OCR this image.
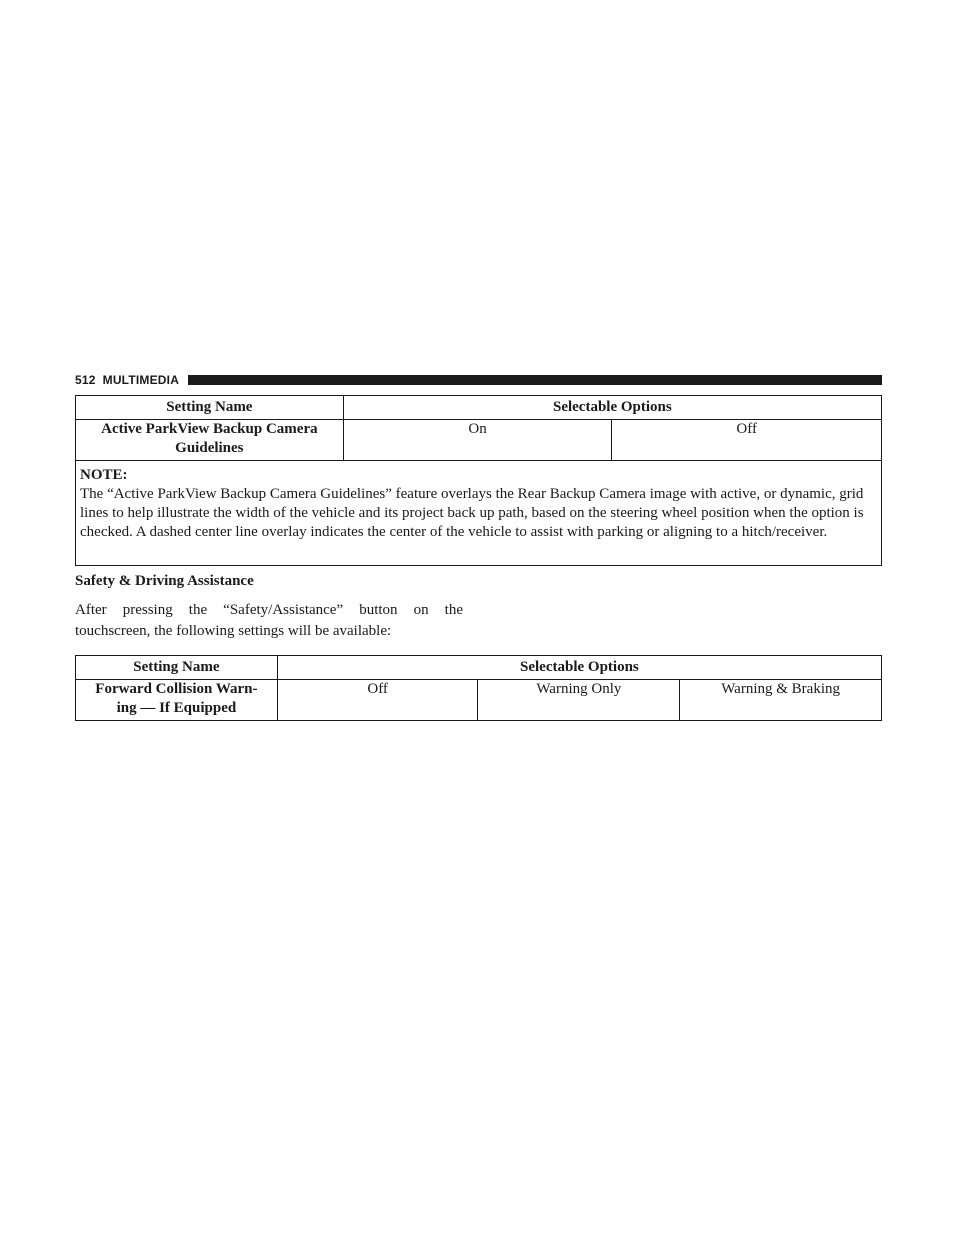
512 MULTIMEDIA
Setting Name	Selectable Options	
Active ParkView Backup Camera Guidelines	On	Off

NOTE:
The “Active ParkView Backup Camera Guidelines” feature overlays the Rear Backup Camera image with active, or dynamic, grid lines to help illustrate the width of the vehicle and its project back up path, based on the steering wheel position when the option is checked. A dashed center line overlay indicates the center of the vehicle to assist with parking or aligning to a hitch/receiver.		
Safety & Driving Assistance

After pressing the “Safety/Assistance” button on the
touchscreen, the following settings will be available:

Setting Name	Selectable Options		
Forward Collision Warn- ing — If Equipped	Off	Warning Only	Warning & Braking
